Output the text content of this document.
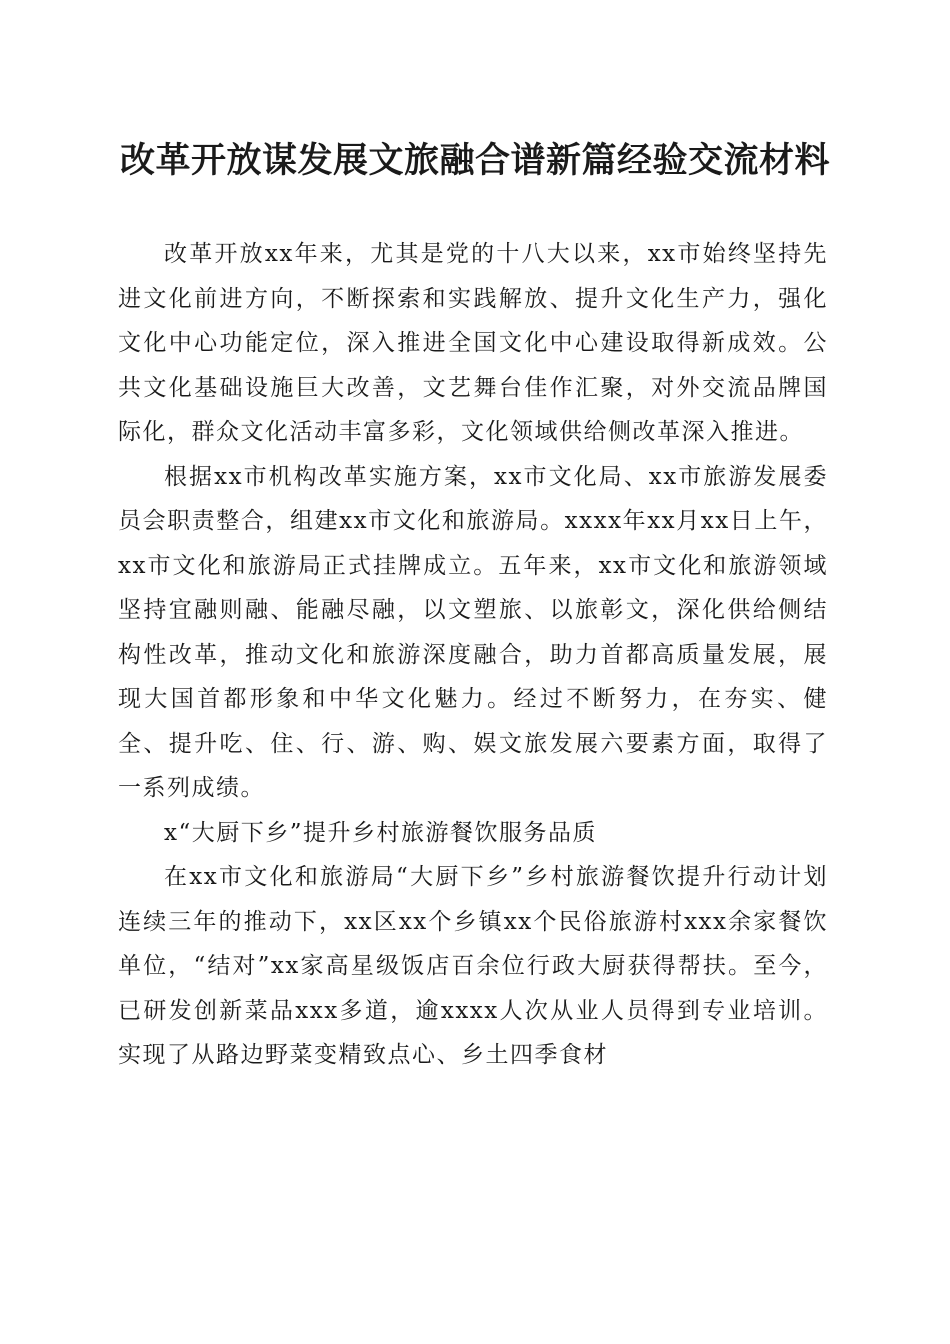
改革开放谋发展文旅融合谱新篇经验交流材料

改革开放xx年来，尤其是党的十八大以来，xx市始终坚持先进文化前进方向，不断探索和实践解放、提升文化生产力，强化文化中心功能定位，深入推进全国文化中心建设取得新成效。公共文化基础设施巨大改善，文艺舞台佳作汇聚，对外交流品牌国际化，群众文化活动丰富多彩，文化领域供给侧改革深入推进。

根据xx市机构改革实施方案，xx市文化局、xx市旅游发展委员会职责整合，组建xx市文化和旅游局。xxxx年xx月xx日上午，xx市文化和旅游局正式挂牌成立。五年来，xx市文化和旅游领域坚持宜融则融、能融尽融，以文塑旅、以旅彰文，深化供给侧结构性改革，推动文化和旅游深度融合，助力首都高质量发展，展现大国首都形象和中华文化魅力。经过不断努力，在夯实、健全、提升吃、住、行、游、购、娱文旅发展六要素方面，取得了一系列成绩。

x“大厨下乡”提升乡村旅游餐饮服务品质

在xx市文化和旅游局“大厨下乡”乡村旅游餐饮提升行动计划连续三年的推动下，xx区xx个乡镇xx个民俗旅游村xxx余家餐饮单位，“结对”xx家高星级饭店百余位行政大厨获得帮扶。至今，已研发创新菜品xxx多道，逾xxxx人次从业人员得到专业培训。实现了从路边野菜变精致点心、乡土四季食材
